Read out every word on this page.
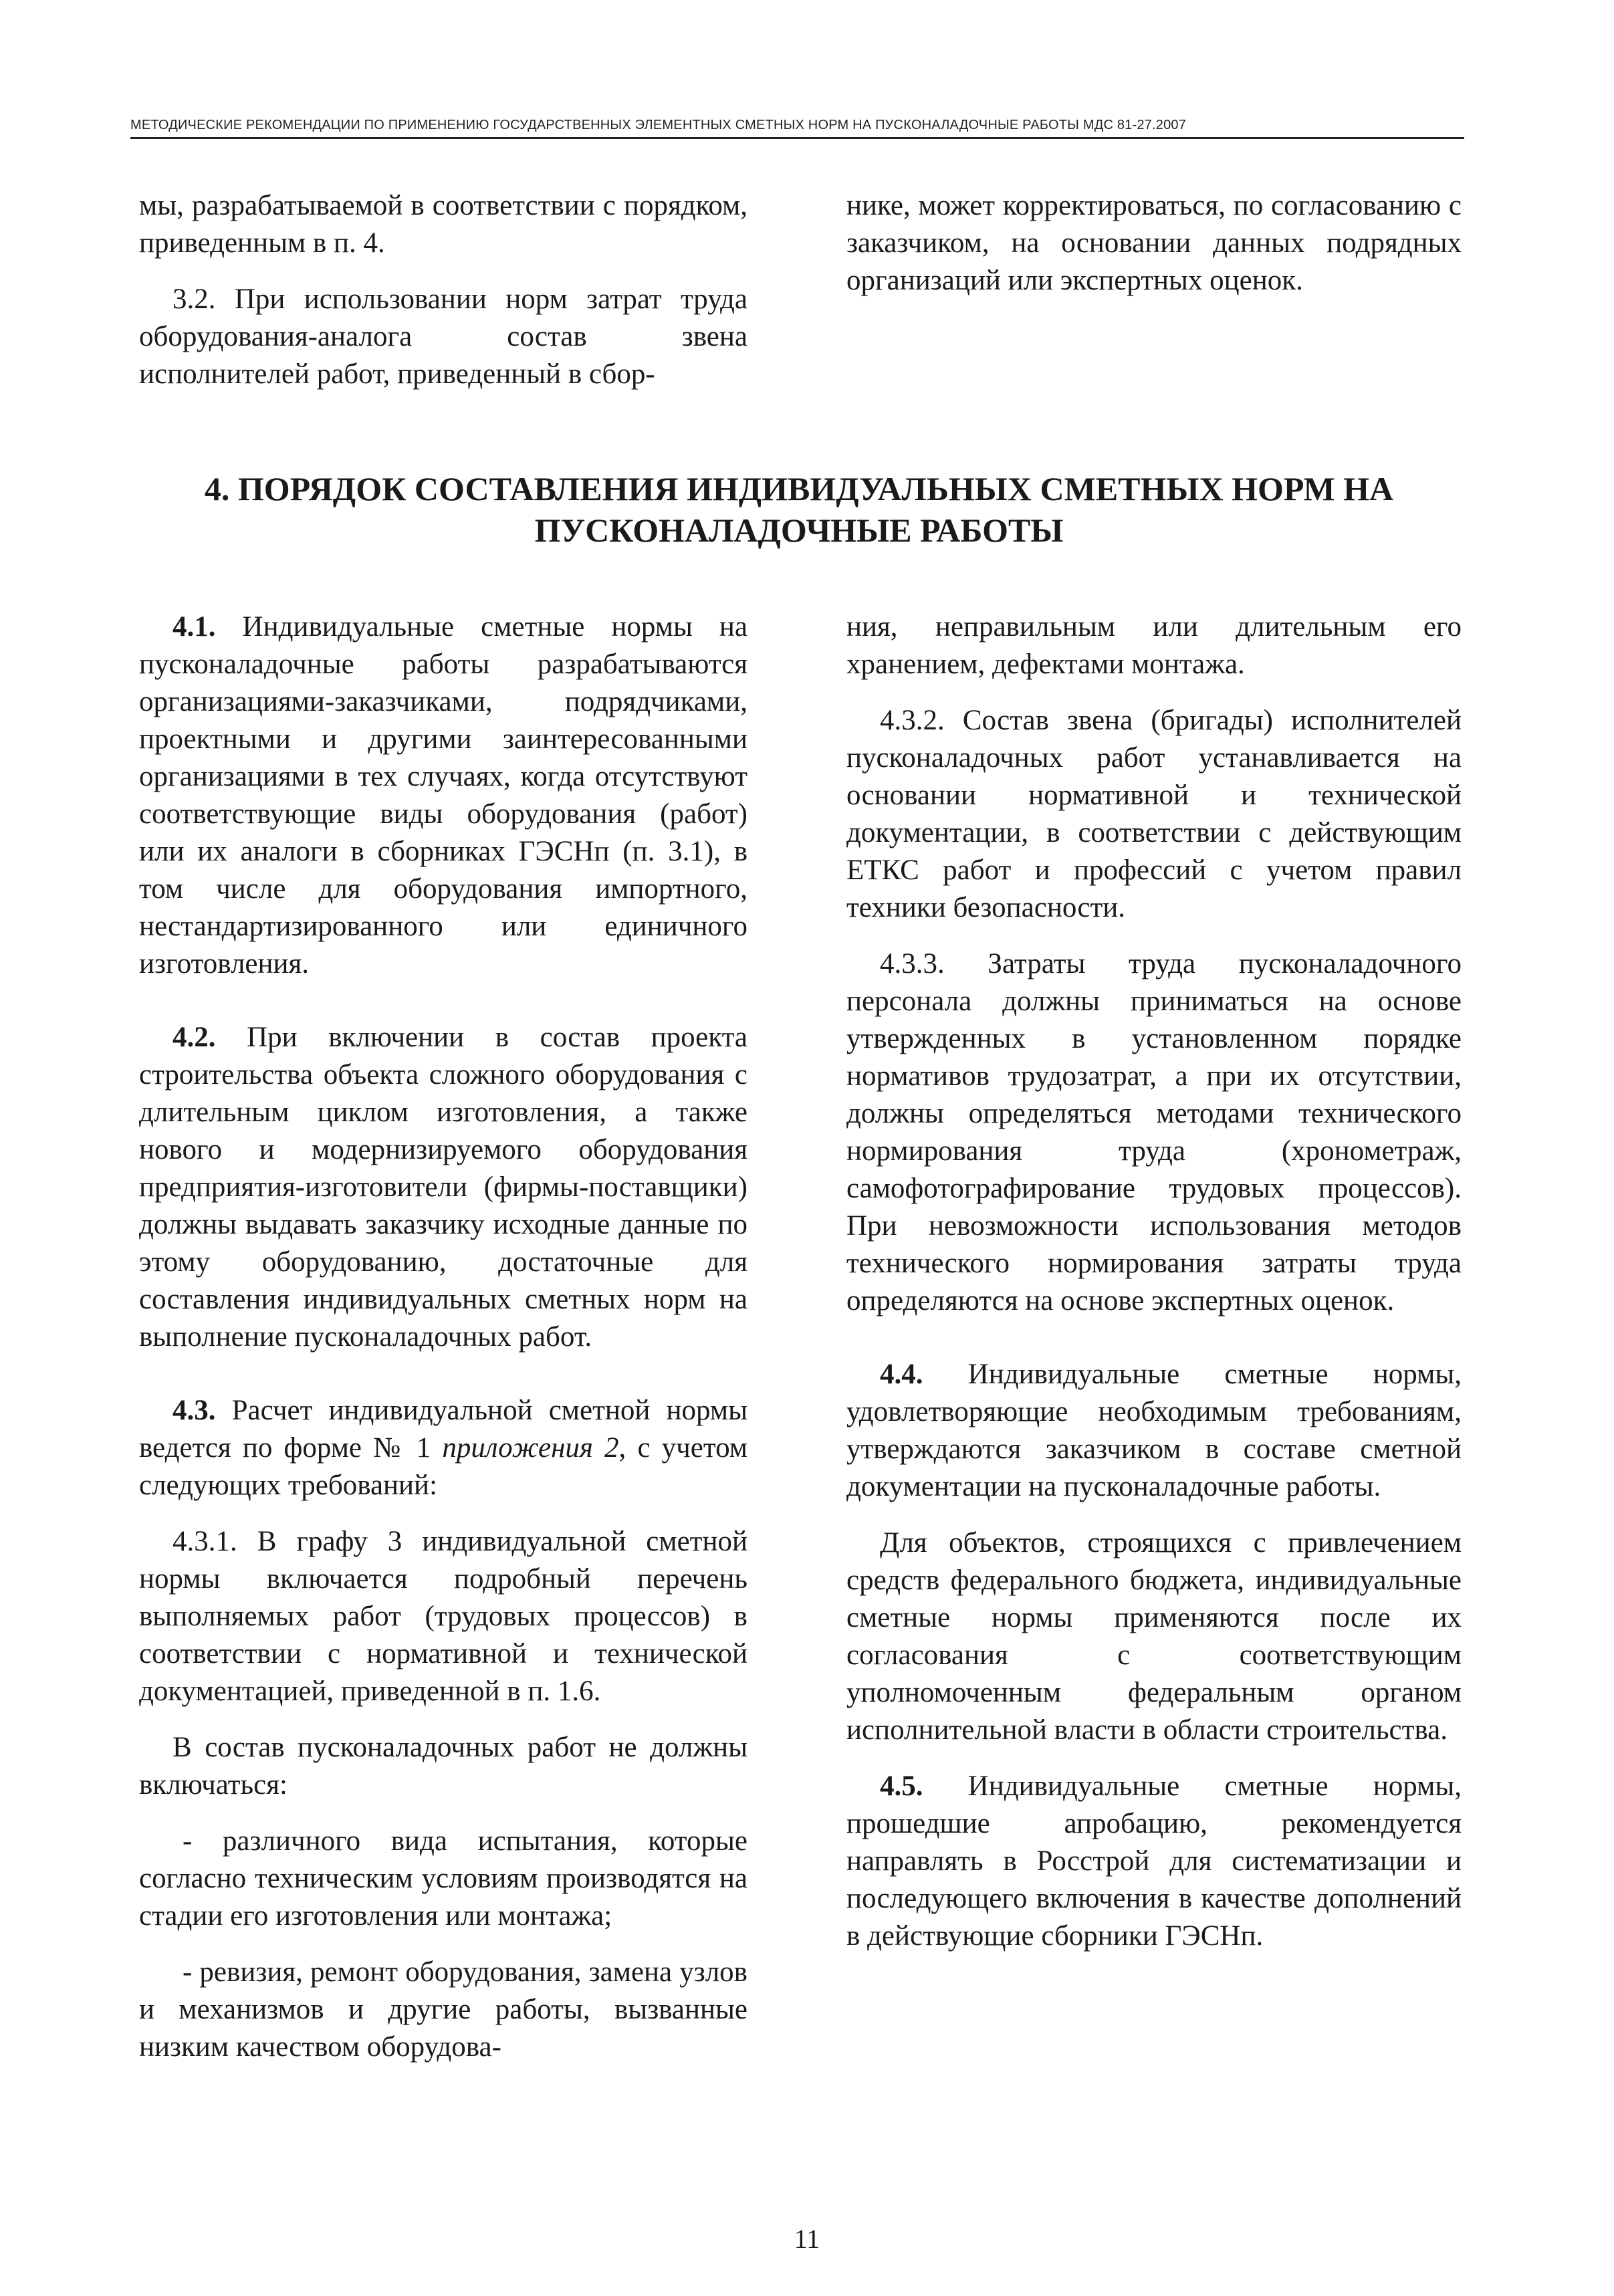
МЕТОДИЧЕСКИЕ РЕКОМЕНДАЦИИ ПО ПРИМЕНЕНИЮ ГОСУДАРСТВЕННЫХ ЭЛЕМЕНТНЫХ СМЕТНЫХ НОРМ НА ПУСКОНАЛАДОЧНЫЕ РАБОТЫ МДС 81-27.2007

мы, разрабатываемой в соответствии с порядком, приведенным в п. 4.

3.2. При использовании норм затрат труда оборудования-аналога состав звена исполнителей работ, приведенный в сбор-

нике, может корректироваться, по согласованию с заказчиком, на основании данных подрядных организаций или экспертных оценок.

4. ПОРЯДОК СОСТАВЛЕНИЯ ИНДИВИДУАЛЬНЫХ СМЕТНЫХ НОРМ НА ПУСКОНАЛАДОЧНЫЕ РАБОТЫ

4.1. Индивидуальные сметные нормы на пусконаладочные работы разрабатываются организациями-заказчиками, подрядчиками, проектными и другими заинтересованными организациями в тех случаях, когда отсутствуют соответствующие виды оборудования (работ) или их аналоги в сборниках ГЭСНп (п. 3.1), в том числе для оборудования импортного, нестандартизированного или единичного изготовления.

4.2. При включении в состав проекта строительства объекта сложного оборудования с длительным циклом изготовления, а также нового и модернизируемого оборудования предприятия-изготовители (фирмы-поставщики) должны выдавать заказчику исходные данные по этому оборудованию, достаточные для составления индивидуальных сметных норм на выполнение пусконаладочных работ.

4.3. Расчет индивидуальной сметной нормы ведется по форме № 1 приложения 2, с учетом следующих требований:

4.3.1. В графу 3 индивидуальной сметной нормы включается подробный перечень выполняемых работ (трудовых процессов) в соответствии с нормативной и технической документацией, приведенной в п. 1.6.

В состав пусконаладочных работ не должны включаться:

- различного вида испытания, которые согласно техническим условиям производятся на стадии его изготовления или монтажа;

- ревизия, ремонт оборудования, замена узлов и механизмов и другие работы, вызванные низким качеством оборудова-

ния, неправильным или длительным его хранением, дефектами монтажа.

4.3.2. Состав звена (бригады) исполнителей пусконаладочных работ устанавливается на основании нормативной и технической документации, в соответствии с действующим ЕТКС работ и профессий с учетом правил техники безопасности.

4.3.3. Затраты труда пусконаладочного персонала должны приниматься на основе утвержденных в установленном порядке нормативов трудозатрат, а при их отсутствии, должны определяться методами технического нормирования труда (хронометраж, самофотографирование трудовых процессов). При невозможности использования методов технического нормирования затраты труда определяются на основе экспертных оценок.

4.4. Индивидуальные сметные нормы, удовлетворяющие необходимым требованиям, утверждаются заказчиком в составе сметной документации на пусконаладочные работы.

Для объектов, строящихся с привлечением средств федерального бюджета, индивидуальные сметные нормы применяются после их согласования с соответствующим уполномоченным федеральным органом исполнительной власти в области строительства.

4.5. Индивидуальные сметные нормы, прошедшие апробацию, рекомендуется направлять в Росстрой для систематизации и последующего включения в качестве дополнений в действующие сборники ГЭСНп.

11
